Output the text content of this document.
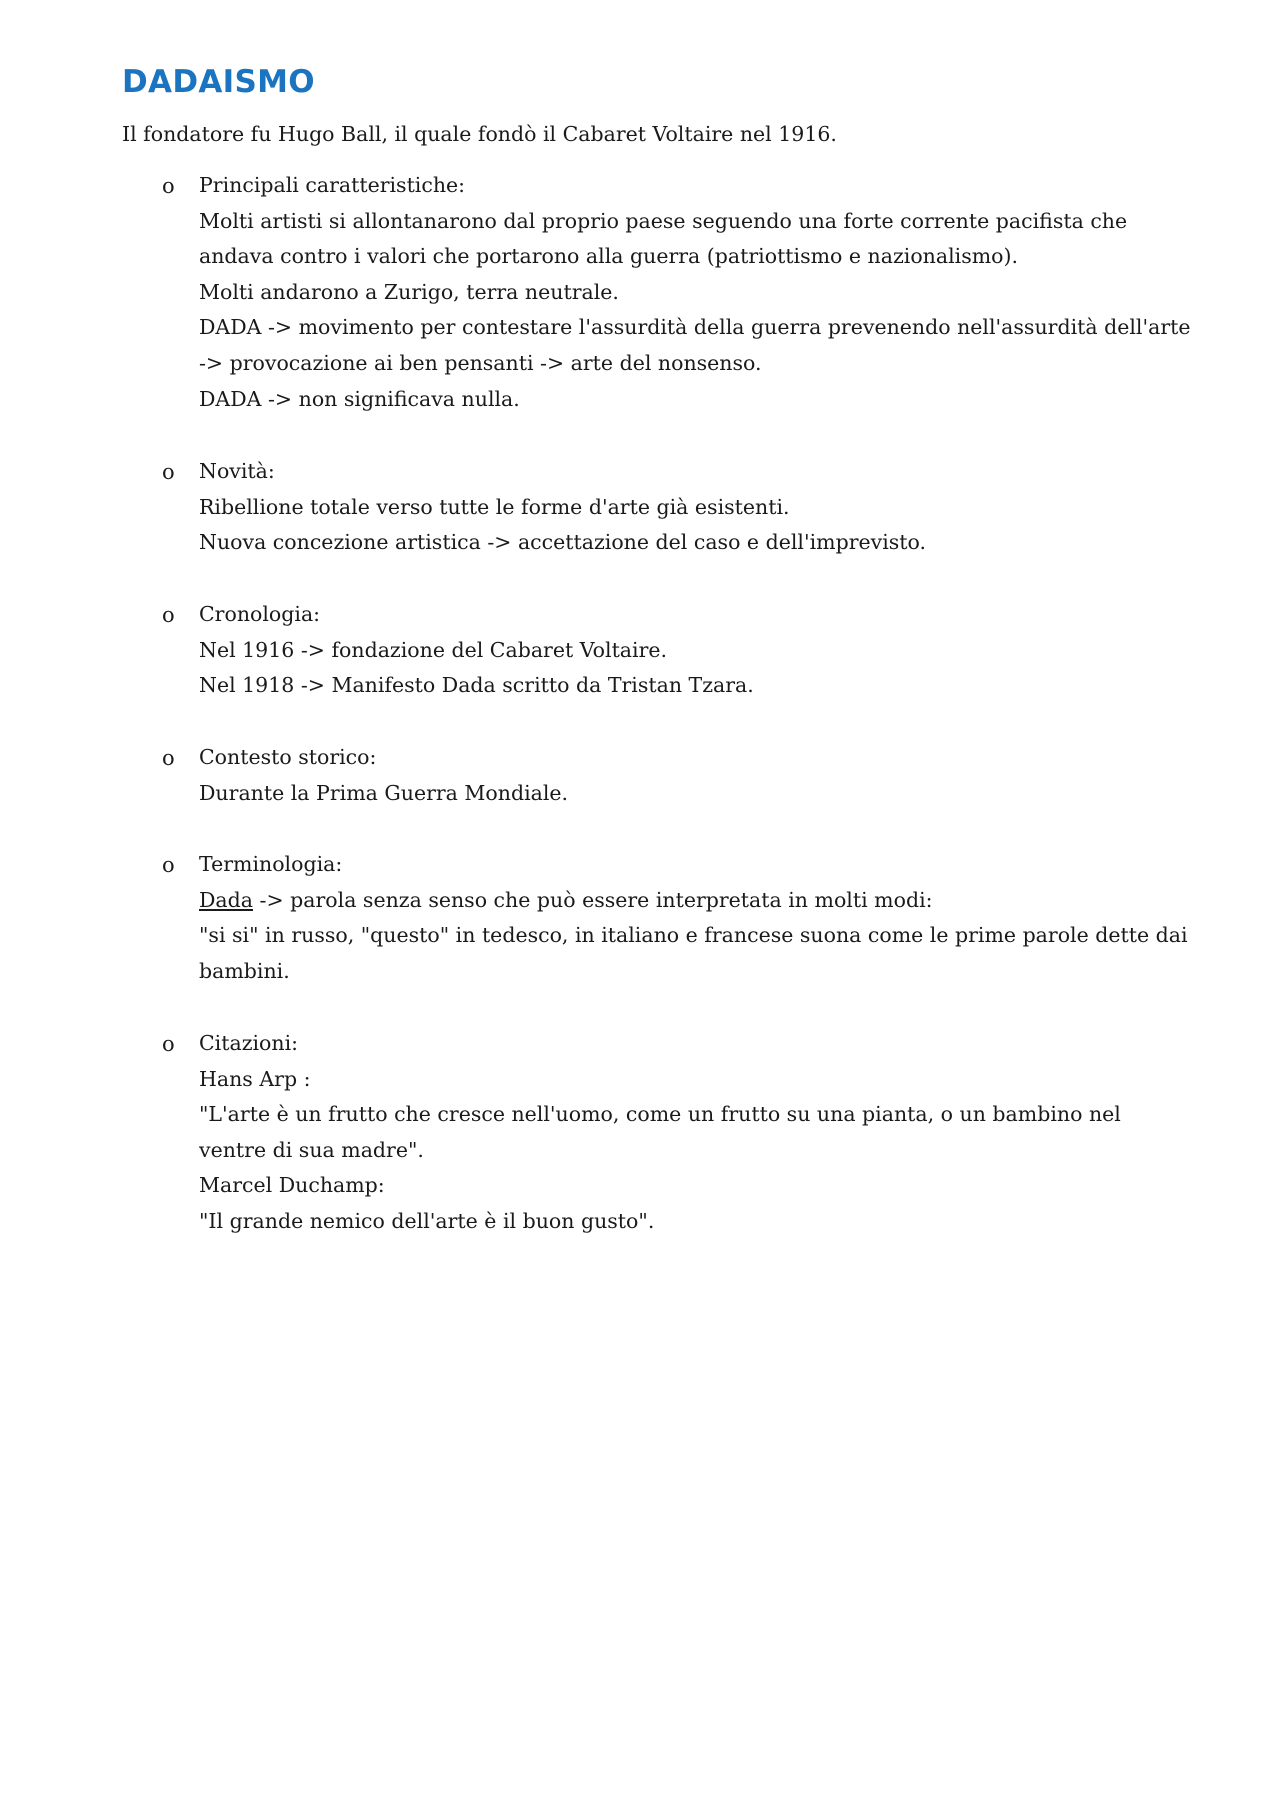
DADAISMO

Il fondatore fu Hugo Ball, il quale fondò il Cabaret Voltaire nel 1916.

o Principali caratteristiche:
Molti artisti si allontanarono dal proprio paese seguendo una forte corrente pacifista che
andava contro i valori che portarono alla guerra (patriottismo e nazionalismo).
Molti andarono a Zurigo, terra neutrale.
DADA -> movimento per contestare l'assurdità della guerra prevenendo nell'assurdità dell'arte
-> provocazione ai ben pensanti -> arte del nonsenso.
DADA -> non significava nulla.
o Novità:
Ribellione totale verso tutte le forme d'arte già esistenti.
Nuova concezione artistica -> accettazione del caso e dell'imprevisto.
o Cronologia:
Nel 1916 -> fondazione del Cabaret Voltaire.
Nel 1918 -> Manifesto Dada scritto da Tristan Tzara.
o Contesto storico:
Durante la Prima Guerra Mondiale.
o Terminologia:
Dada -> parola senza senso che può essere interpretata in molti modi:
"si si" in russo, "questo" in tedesco, in italiano e francese suona come le prime parole dette dai
bambini.
o Citazioni:
Hans Arp :
"L'arte è un frutto che cresce nell'uomo, come un frutto su una pianta, o un bambino nel
ventre di sua madre".
Marcel Duchamp:
"Il grande nemico dell'arte è il buon gusto".
